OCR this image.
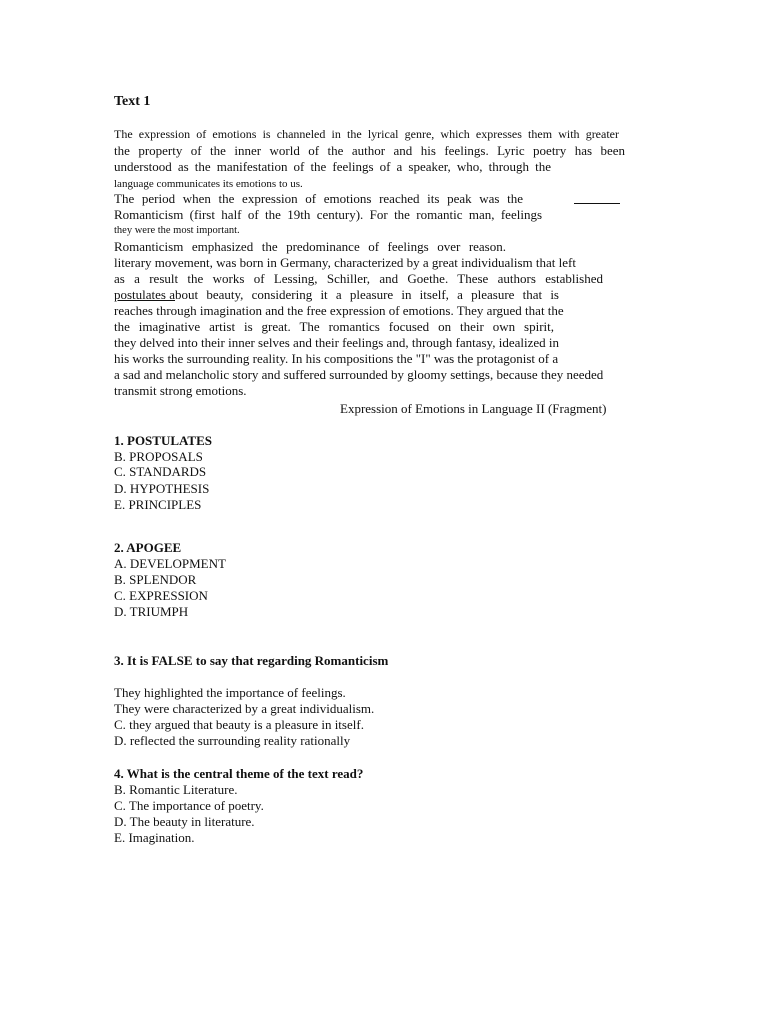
Text 1
The expression of emotions is channeled in the lyrical genre, which expresses them with greater
the property of the inner world of the author and his feelings. Lyric poetry has been
understood as the manifestation of the feelings of a speaker, who, through the
language communicates its emotions to us.
The period when the expression of emotions reached its peak was the
Romanticism (first half of the 19th century). For the romantic man, feelings
they were the most important.
Romanticism emphasized the predominance of feelings over reason.
literary movement, was born in Germany, characterized by a great individualism that left
as a result the works of Lessing, Schiller, and Goethe. These authors established
postulates a bout beauty, considering it a pleasure in itself, a pleasure that is
reaches through imagination and the free expression of emotions. They argued that the
the imaginative artist is great. The romantics focused on their own spirit,
they delved into their inner selves and their feelings and, through fantasy, idealized in
his works the surrounding reality. In his compositions the "I" was the protagonist of a
a sad and melancholic story and suffered surrounded by gloomy settings, because they needed
transmit strong emotions.
Expression of Emotions in Language II (Fragment)
1. POSTULATES
B. PROPOSALS
C. STANDARDS
D. HYPOTHESIS
E. PRINCIPLES
2. APOGEE
A. DEVELOPMENT
B. SPLENDOR
C. EXPRESSION
D. TRIUMPH
3. It is FALSE to say that regarding Romanticism
They highlighted the importance of feelings.
They were characterized by a great individualism.
C. they argued that beauty is a pleasure in itself.
D. reflected the surrounding reality rationally
4. What is the central theme of the text read?
B. Romantic Literature.
C. The importance of poetry.
D. The beauty in literature.
E. Imagination.
